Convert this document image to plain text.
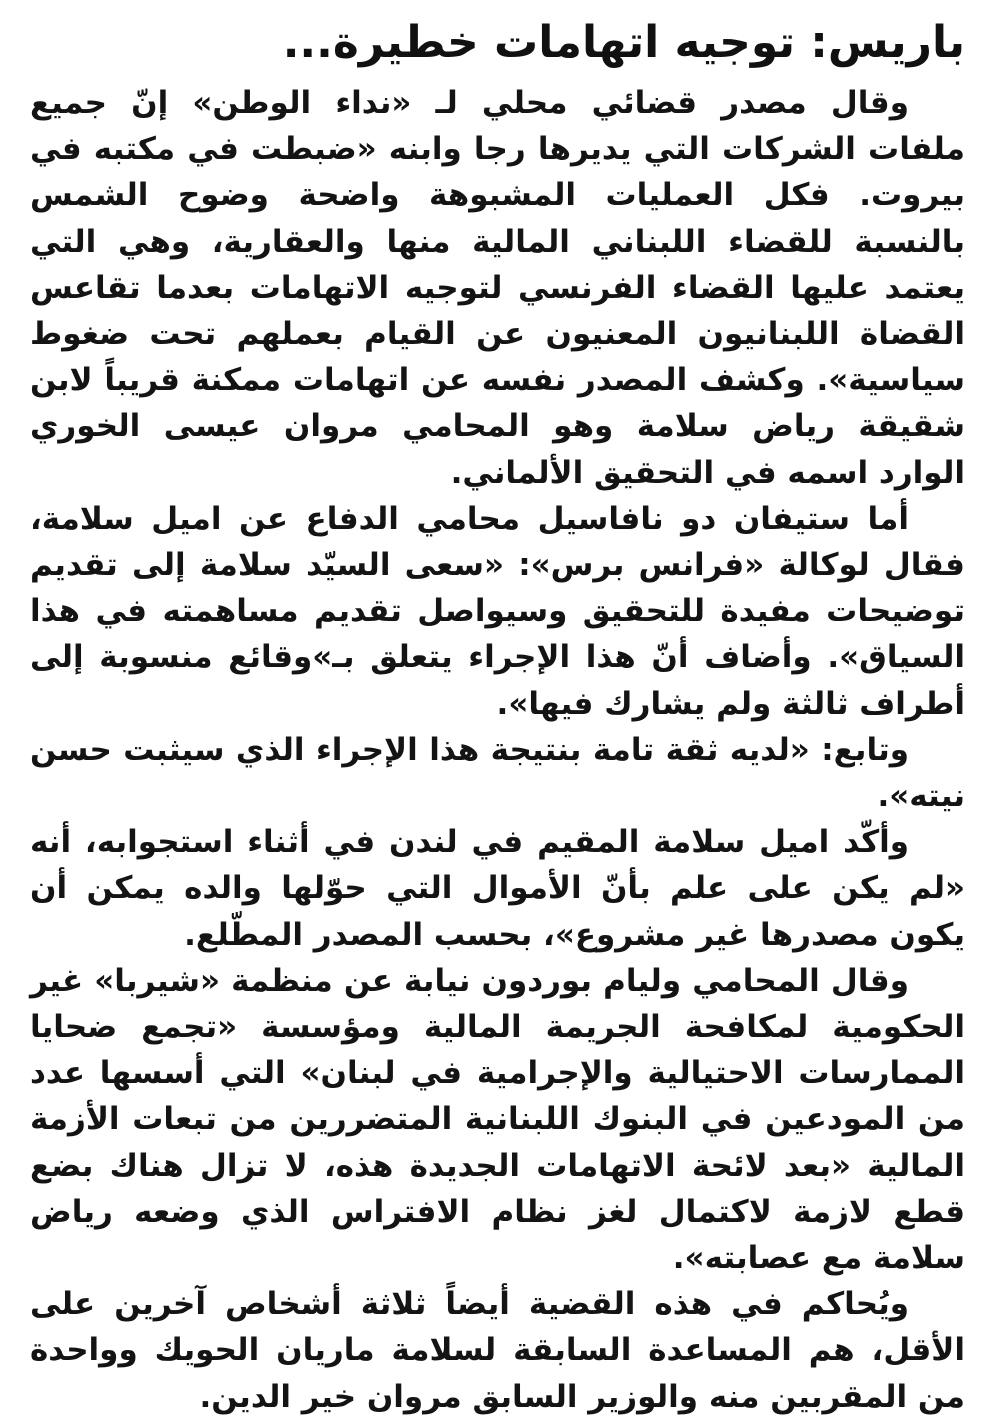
باريس: توجيه اتهامات خطيرة...

وقال مصدر قضائي محلي لـ «نداء الوطن» إنّ جميع ملفات الشركات التي يديرها رجا وابنه «ضبطت في مكتبه في بيروت. فكل العمليات المشبوهة واضحة وضوح الشمس بالنسبة للقضاء اللبناني المالية منها والعقارية، وهي التي يعتمد عليها القضاء الفرنسي لتوجيه الاتهامات بعدما تقاعس القضاة اللبنانيون المعنيون عن القيام بعملهم تحت ضغوط سياسية». وكشف المصدر نفسه عن اتهامات ممكنة قريباً لابن شقيقة رياض سلامة وهو المحامي مروان عيسى الخوري الوارد اسمه في التحقيق الألماني.

أما ستيفان دو نافاسيل محامي الدفاع عن اميل سلامة، فقال لوكالة «فرانس برس»: «سعى السيّد سلامة إلى تقديم توضيحات مفيدة للتحقيق وسيواصل تقديم مساهمته في هذا السياق». وأضاف أنّ هذا الإجراء يتعلق بـ»وقائع منسوبة إلى أطراف ثالثة ولم يشارك فيها».

وتابع: «لديه ثقة تامة بنتيجة هذا الإجراء الذي سيثبت حسن نيته».

وأكّد اميل سلامة المقيم في لندن في أثناء استجوابه، أنه «لم يكن على علم بأنّ الأموال التي حوّلها والده يمكن أن يكون مصدرها غير مشروع»، بحسب المصدر المطّلع.

وقال المحامي وليام بوردون نيابة عن منظمة «شيربا» غير الحكومية لمكافحة الجريمة المالية ومؤسسة «تجمع ضحايا الممارسات الاحتيالية والإجرامية في لبنان» التي أسسها عدد من المودعين في البنوك اللبنانية المتضررين من تبعات الأزمة المالية «بعد لائحة الاتهامات الجديدة هذه، لا تزال هناك بضع قطع لازمة لاكتمال لغز نظام الافتراس الذي وضعه رياض سلامة مع عصابته».

ويُحاكم في هذه القضية أيضاً ثلاثة أشخاص آخرين على الأقل، هم المساعدة السابقة لسلامة ماريان الحويك وواحدة من المقربين منه والوزير السابق مروان خير الدين.
